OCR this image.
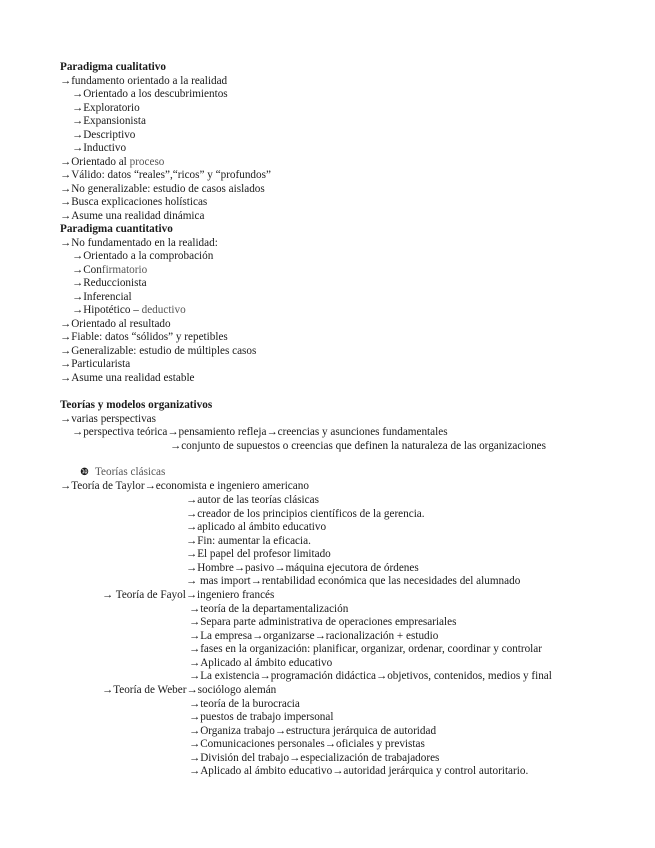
Paradigma cualitativo
→fundamento orientado a la realidad
→Orientado a los descubrimientos
→Exploratorio
→Expansionista
→Descriptivo
→Inductivo
→Orientado al proceso
→Válido: datos “reales”,“ricos” y “profundos”
→No generalizable: estudio de casos aislados
→Busca explicaciones holísticas
→Asume una realidad dinámica
Paradigma cuantitativo
→No fundamentado en la realidad:
→Orientado a la comprobación
→Confirmatorio
→Reduccionista
→Inferencial
→Hipotético – deductivo
→Orientado al resultado
→Fiable: datos “sólidos” y repetibles
→Generalizable: estudio de múltiples casos
→Particularista
→Asume una realidad estable
Teorías y modelos organizativos
→varias perspectivas
→perspectiva teórica→pensamiento refleja→creencias y asunciones fundamentales
→conjunto de supuestos o creencias que definen la naturaleza de las organizaciones
❿ Teorías clásicas
→Teoría de Taylor→economista e ingeniero americano
→autor de las teorías clásicas
→creador de los principios científicos de la gerencia.
→aplicado al ámbito educativo
→Fin: aumentar la eficacia.
→El papel del profesor limitado
→Hombre→pasivo→máquina ejecutora de órdenes
→ mas import→rentabilidad económica que las necesidades del alumnado
→ Teoría de Fayol→ingeniero francés
→teoría de la departamentalización
→Separa parte administrativa de operaciones empresariales
→La empresa→organizarse→racionalización + estudio
→fases en la organización: planificar, organizar, ordenar, coordinar y controlar
→Aplicado al ámbito educativo
→La existencia→programación didáctica→objetivos, contenidos, medios y final
→Teoría de Weber→sociólogo alemán
→teoría de la burocracia
→puestos de trabajo impersonal
→Organiza trabajo→estructura jerárquica de autoridad
→Comunicaciones personales→oficiales y previstas
→División del trabajo→especialización de trabajadores
→Aplicado al ámbito educativo→autoridad jerárquica y control autoritario.
